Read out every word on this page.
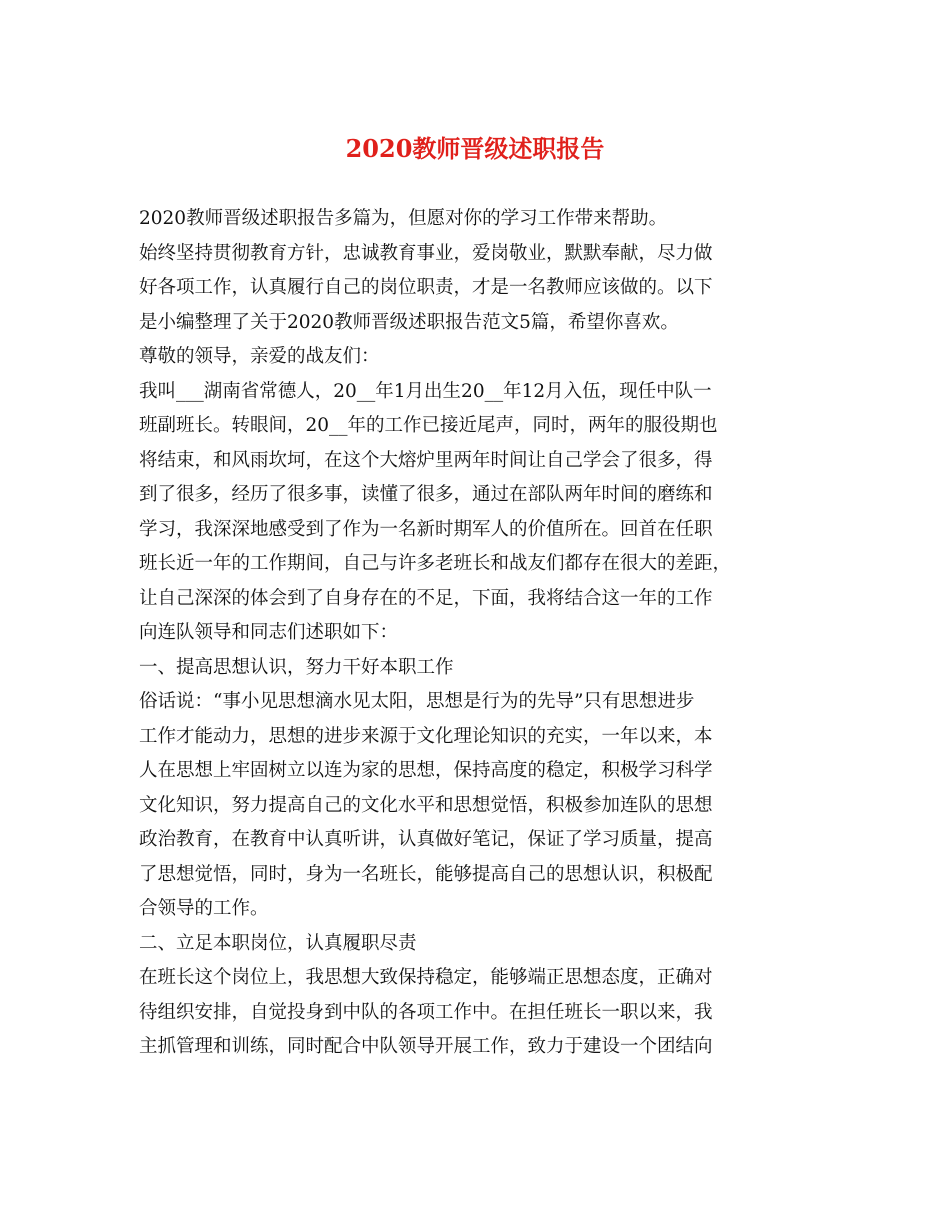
2020教师晋级述职报告
2020教师晋级述职报告多篇为，但愿对你的学习工作带来帮助。
始终坚持贯彻教育方针，忠诚教育事业，爱岗敬业，默默奉献，尽力做
好各项工作，认真履行自己的岗位职责，才是一名教师应该做的。以下
是小编整理了关于2020教师晋级述职报告范文5篇，希望你喜欢。
尊敬的领导，亲爱的战友们：
我叫___湖南省常德人，20__年1月出生20__年12月入伍，现任中队一
班副班长。转眼间，20__年的工作已接近尾声，同时，两年的服役期也
将结束，和风雨坎坷，在这个大熔炉里两年时间让自己学会了很多，得
到了很多，经历了很多事，读懂了很多，通过在部队两年时间的磨练和
学习，我深深地感受到了作为一名新时期军人的价值所在。回首在任职
班长近一年的工作期间，自己与许多老班长和战友们都存在很大的差距，
让自己深深的体会到了自身存在的不足，下面，我将结合这一年的工作
向连队领导和同志们述职如下：
一、提高思想认识，努力干好本职工作
俗话说：“事小见思想滴水见太阳，思想是行为的先导”只有思想进步
工作才能动力，思想的进步来源于文化理论知识的充实，一年以来，本
人在思想上牢固树立以连为家的思想，保持高度的稳定，积极学习科学
文化知识，努力提高自己的文化水平和思想觉悟，积极参加连队的思想
政治教育，在教育中认真听讲，认真做好笔记，保证了学习质量，提高
了思想觉悟，同时，身为一名班长，能够提高自己的思想认识，积极配
合领导的工作。
二、立足本职岗位，认真履职尽责
在班长这个岗位上，我思想大致保持稳定，能够端正思想态度，正确对
待组织安排，自觉投身到中队的各项工作中。在担任班长一职以来，我
主抓管理和训练，同时配合中队领导开展工作，致力于建设一个团结向
